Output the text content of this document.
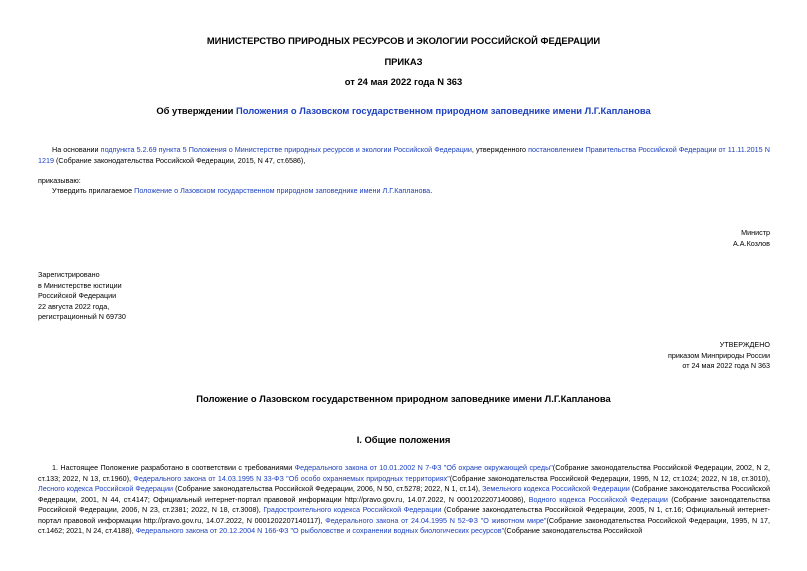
МИНИСТЕРСТВО ПРИРОДНЫХ РЕСУРСОВ И ЭКОЛОГИИ РОССИЙСКОЙ ФЕДЕРАЦИИ
ПРИКАЗ
от 24 мая 2022 года N 363
Об утверждении Положения о Лазовском государственном природном заповеднике имени Л.Г.Капланова
На основании подпункта 5.2.69 пункта 5 Положения о Министерстве природных ресурсов и экологии Российской Федерации, утвержденного постановлением Правительства Российской Федерации от 11.11.2015 N 1219 (Собрание законодательства Российской Федерации, 2015, N 47, ст.6586),
приказываю:
Утвердить прилагаемое Положение о Лазовском государственном природном заповеднике имени Л.Г.Капланова.
Министр
А.А.Козлов
Зарегистрировано
в Министерстве юстиции
Российской Федерации
22 августа 2022 года,
регистрационный N 69730
УТВЕРЖДЕНО
приказом Минприроды России
от 24 мая 2022 года N 363
Положение о Лазовском государственном природном заповеднике имени Л.Г.Капланова
I. Общие положения
1. Настоящее Положение разработано в соответствии с требованиями Федерального закона от 10.01.2002 N 7-ФЗ "Об охране окружающей среды"(Собрание законодательства Российской Федерации, 2002, N 2, ст.133; 2022, N 13, ст.1960), Федерального закона от 14.03.1995 N 33-ФЗ "Об особо охраняемых природных территориях"(Собрание законодательства Российской Федерации, 1995, N 12, ст.1024; 2022, N 18, ст.3010), Лесного кодекса Российской Федерации (Собрание законодательства Российской Федерации, 2006, N 50, ст.5278; 2022, N 1, ст.14), Земельного кодекса Российской Федерации (Собрание законодательства Российской Федерации, 2001, N 44, ст.4147; Официальный интернет-портал правовой информации http://pravo.gov.ru, 14.07.2022, N 0001202207140086), Водного кодекса Российской Федерации (Собрание законодательства Российской Федерации, 2006, N 23, ст.2381; 2022, N 18, ст.3008), Градостроительного кодекса Российской Федерации (Собрание законодательства Российской Федерации, 2005, N 1, ст.16; Официальный интернет-портал правовой информации http://pravo.gov.ru, 14.07.2022, N 0001202207140117), Федерального закона от 24.04.1995 N 52-ФЗ "О животном мире"(Собрание законодательства Российской Федерации, 1995, N 17, ст.1462; 2021, N 24, ст.4188), Федерального закона от 20.12.2004 N 166-ФЗ "О рыболовстве и сохранении водных биологических ресурсов"(Собрание законодательства Российской
